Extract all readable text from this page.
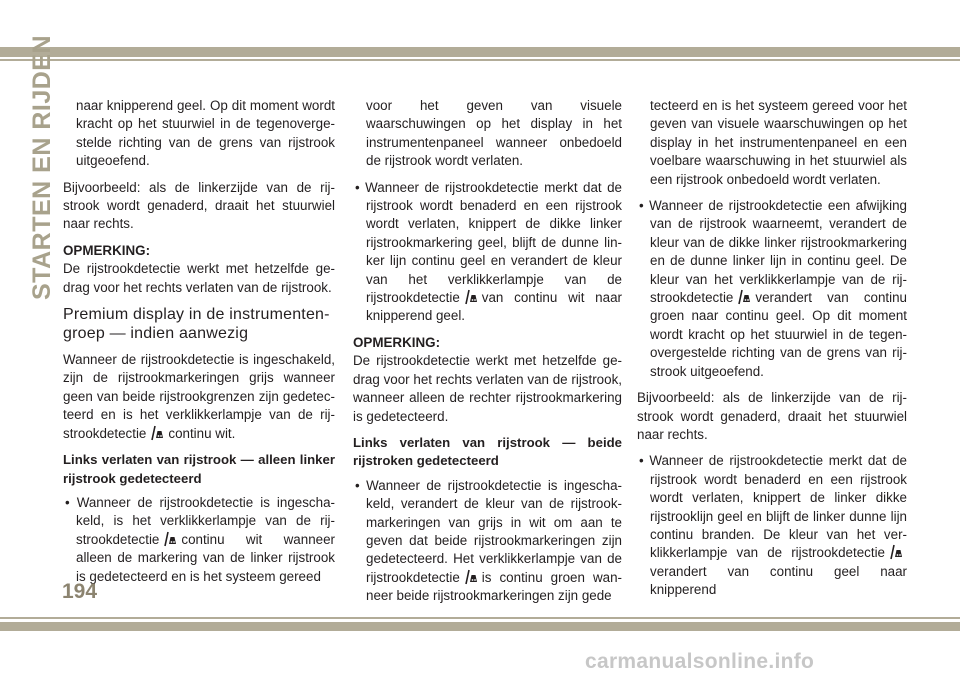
STARTEN EN RIJDEN	naar knipperend geel. Op dit moment wordt kracht op het stuurwiel in de tegenovergestelde richting van de grens van rijstrook uitgeoefend.

Bijvoorbeeld: als de linkerzijde van de rijstrook wordt genaderd, draait het stuurwiel naar rechts.

OPMERKING:

De rijstrookdetectie werkt met hetzelfde gedrag voor het rechts verlaten van de rijstrook.

Premium display in de instrumentengroep — indien aanwezig

Wanneer de rijstrookdetectie is ingeschakeld, zijn de rijstrookmarkeringen grijs wanneer geen van beide rijstrookgrenzen zijn gedetecteerd en is het verklikkerlampje van de rijstrookdetectie continu wit.

Links verlaten van rijstrook — alleen linker rijstrook gedetecteerd

• Wanneer de rijstrookdetectie is ingeschakeld, is het verklikkerlampje van de rijstrookdetectie continu wit wanneer alleen de markering van de linker rijstrook is gedetecteerd en is het systeem gereed

voor het geven van visuele waarschuwingen op het display in het instrumentenpaneel wanneer onbedoeld de rijstrook wordt verlaten.

• Wanneer de rijstrookdetectie merkt dat de rijstrook wordt benaderd en een rijstrook wordt verlaten, knippert de dikke linker rijstrookmarkering geel, blijft de dunne linker lijn continu geel en verandert de kleur van het verklikkerlampje van de rijstrookdetectie van continu wit naar knipperend geel.

OPMERKING:

De rijstrookdetectie werkt met hetzelfde gedrag voor het rechts verlaten van de rijstrook, wanneer alleen de rechter rijstrookmarkering is gedetecteerd.

Links verlaten van rijstrook — beide rijstroken gedetecteerd

• Wanneer de rijstrookdetectie is ingeschakeld, verandert de kleur van de rijstrookmarkeringen van grijs in wit om aan te geven dat beide rijstrookmarkeringen zijn gedetecteerd. Het verklikkerlampje van de rijstrookdetectie is continu groen wanneer beide rijstrookmarkeringen zijn gede

tecteerd en is het systeem gereed voor het geven van visuele waarschuwingen op het display in het instrumentenpaneel en een voelbare waarschuwing in het stuurwiel als een rijstrook onbedoeld wordt verlaten.

• Wanneer de rijstrookdetectie een afwijking van de rijstrook waarneemt, verandert de kleur van de dikke linker rijstrookmarkering en de dunne linker lijn in continu geel. De kleur van het verklikkerlampje van de rijstrookdetectie verandert van continu groen naar continu geel. Op dit moment wordt kracht op het stuurwiel in de tegenovergestelde richting van de grens van rijstrook uitgeoefend.

Bijvoorbeeld: als de linkerzijde van de rijstrook wordt genaderd, draait het stuurwiel naar rechts.

• Wanneer de rijstrookdetectie merkt dat de rijstrook wordt benaderd en een rijstrook wordt verlaten, knippert de linker dikke rijstrooklijn geel en blijft de linker dunne lijn continu branden. De kleur van het verklikkerlampje van de rijstrookdetectieverandert van continu geel naar knipperend

194
carmanualsonline.info
